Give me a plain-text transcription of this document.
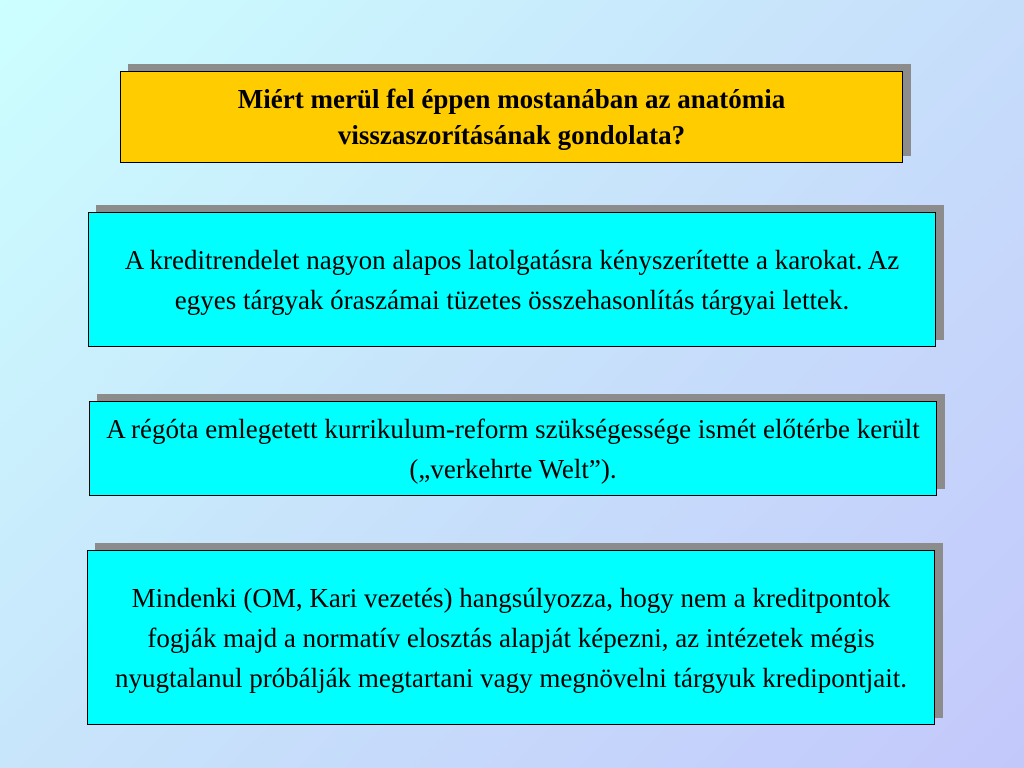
Miért merül fel éppen mostanában az anatómia visszaszorításának gondolata?
A kreditrendelet nagyon alapos latolgatásra kényszerítette a karokat. Az egyes tárgyak óraszámai tüzetes összehasonlítás tárgyai lettek.
A régóta emlegetett kurrikulum-reform szükségessége ismét előtérbe került („verkehrte Welt”).
Mindenki (OM, Kari vezetés) hangsúlyozza, hogy nem a kreditpontok fogják majd a normatív elosztás alapját képezni, az intézetek mégis nyugtalanul próbálják megtartani vagy megnövelni tárgyuk kredipontjait.
